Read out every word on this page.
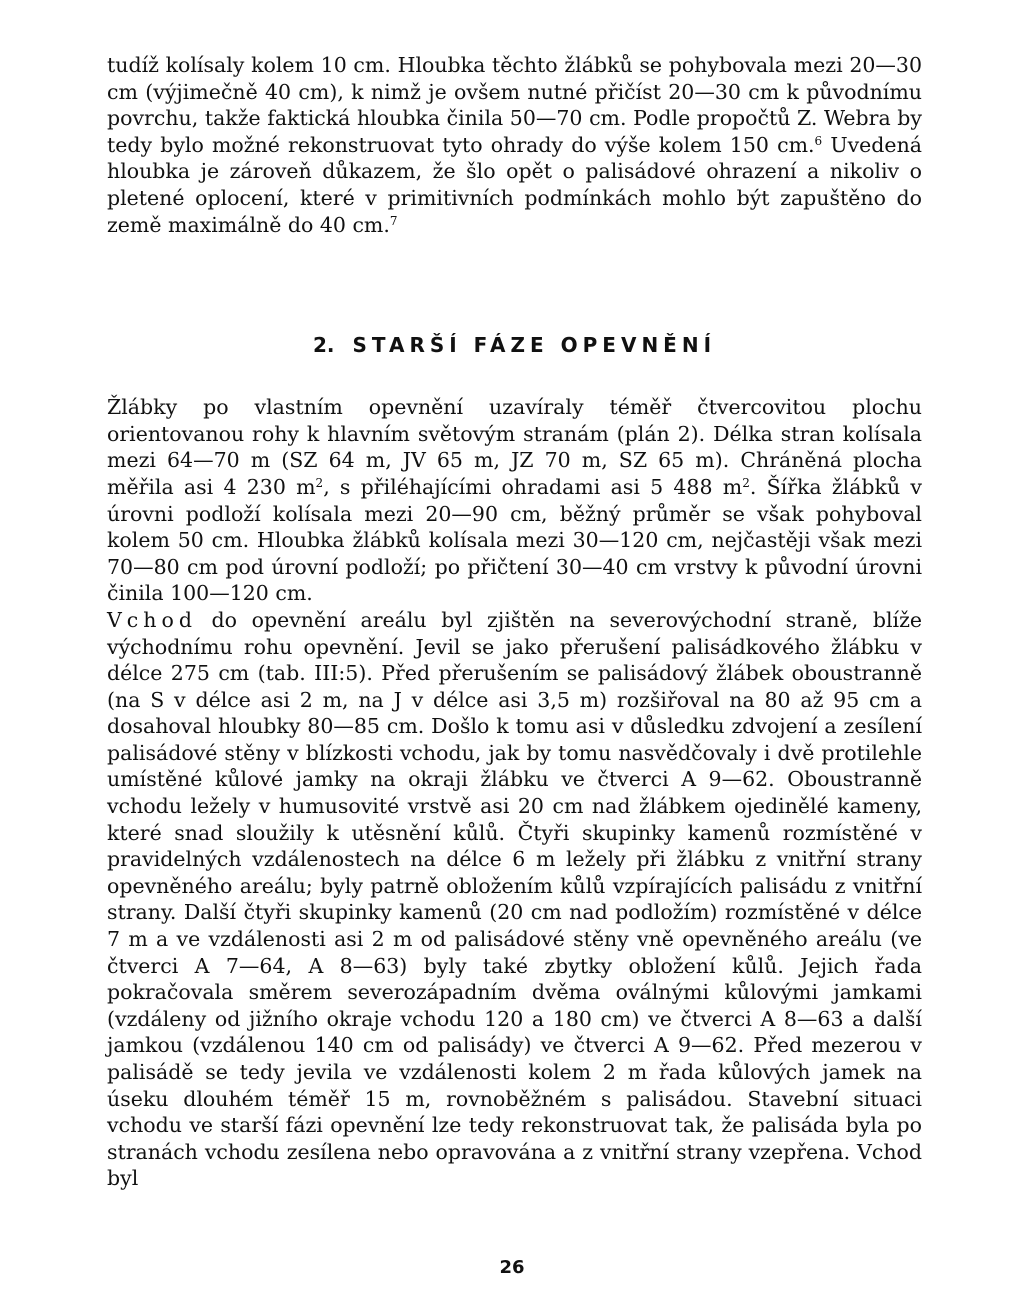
tudíž kolísaly kolem 10 cm. Hloubka těchto žlábků se pohybovala mezi 20—30 cm (výjimečně 40 cm), k nimž je ovšem nutné přičíst 20—30 cm k původnímu povrchu, takže faktická hloubka činila 50—70 cm. Podle propočtů Z. Webra by tedy bylo možné rekonstruovat tyto ohrady do výše kolem 150 cm.$^6$ Uvedená hloubka je zároveň důkazem, že šlo opět o palisádové ohrazení a nikoliv o pletené oplocení, které v primitivních podmínkách mohlo být zapuštěno do země maximálně do 40 cm.$^7$

2. STARŠÍ FÁZE OPEVNĚNÍ

Žlábky po vlastním opevnění uzavíraly téměř čtvercovitou plochu orientovanou rohy k hlavním světovým stranám (plán 2). Délka stran kolísala mezi 64—70 m (SZ 64 m, JV 65 m, JZ 70 m, SZ 65 m). Chráněná plocha měřila asi 4 230 $m^2$, s přiléhajícími ohradami asi 5 488 $m^2$. Šířka žlábků v úrovni podloží kolísala mezi 20—90 cm, běžný průměr se však pohyboval kolem 50 cm. Hloubka žlábků kolísala mezi 30—120 cm, nejčastěji však mezi 70—80 cm pod úrovní podloží; po přičtení 30—40 cm vrstvy k původní úrovni činila 100—120 cm.

Vchod do opevnění areálu byl zjištěn na severovýchodní straně, blíže východnímu rohu opevnění. Jevil se jako přerušení palisádkového žlábku v délce 275 cm (tab. III:5). Před přerušením se palisádový žlábek oboustranně (na S v délce asi 2 m, na J v délce asi 3,5 m) rozšiřoval na 80 až 95 cm a dosahoval hloubky 80—85 cm. Došlo k tomu asi v důsledku zdvojení a zesílení palisádové stěny v blízkosti vchodu, jak by tomu nasvědčovaly i dvě protilehle umístěné kůlové jamky na okraji žlábku ve čtverci A 9—62. Oboustranně vchodu ležely v humusovité vrstvě asi 20 cm nad žlábkem ojedinělé kameny, které snad sloužily k utěsnění kůlů. Čtyři skupinky kamenů rozmístěné v pravidelných vzdálenostech na délce 6 m ležely při žlábku z vnitřní strany opevněného areálu; byly patrně obložením kůlů vzpírajících palisádu z vnitřní strany. Další čtyři skupinky kamenů (20 cm nad podložím) rozmístěné v délce 7 m a ve vzdálenosti asi 2 m od palisádové stěny vně opevněného areálu (ve čtverci A 7—64, A 8—63) byly také zbytky obložení kůlů. Jejich řada pokračovala směrem severozápadním dvěma oválnými kůlovými jamkami (vzdáleny od jižního okraje vchodu 120 a 180 cm) ve čtverci A 8—63 a další jamkou (vzdálenou 140 cm od palisády) ve čtverci A 9—62. Před mezerou v palisádě se tedy jevila ve vzdálenosti kolem 2 m řada kůlových jamek na úseku dlouhém téměř 15 m, rovnoběžném s palisádou. Stavební situaci vchodu ve starší fázi opevnění lze tedy rekonstruovat tak, že palisáda byla po stranách vchodu zesílena nebo opravována a z vnitřní strany vzepřena. Vchod byl

26
